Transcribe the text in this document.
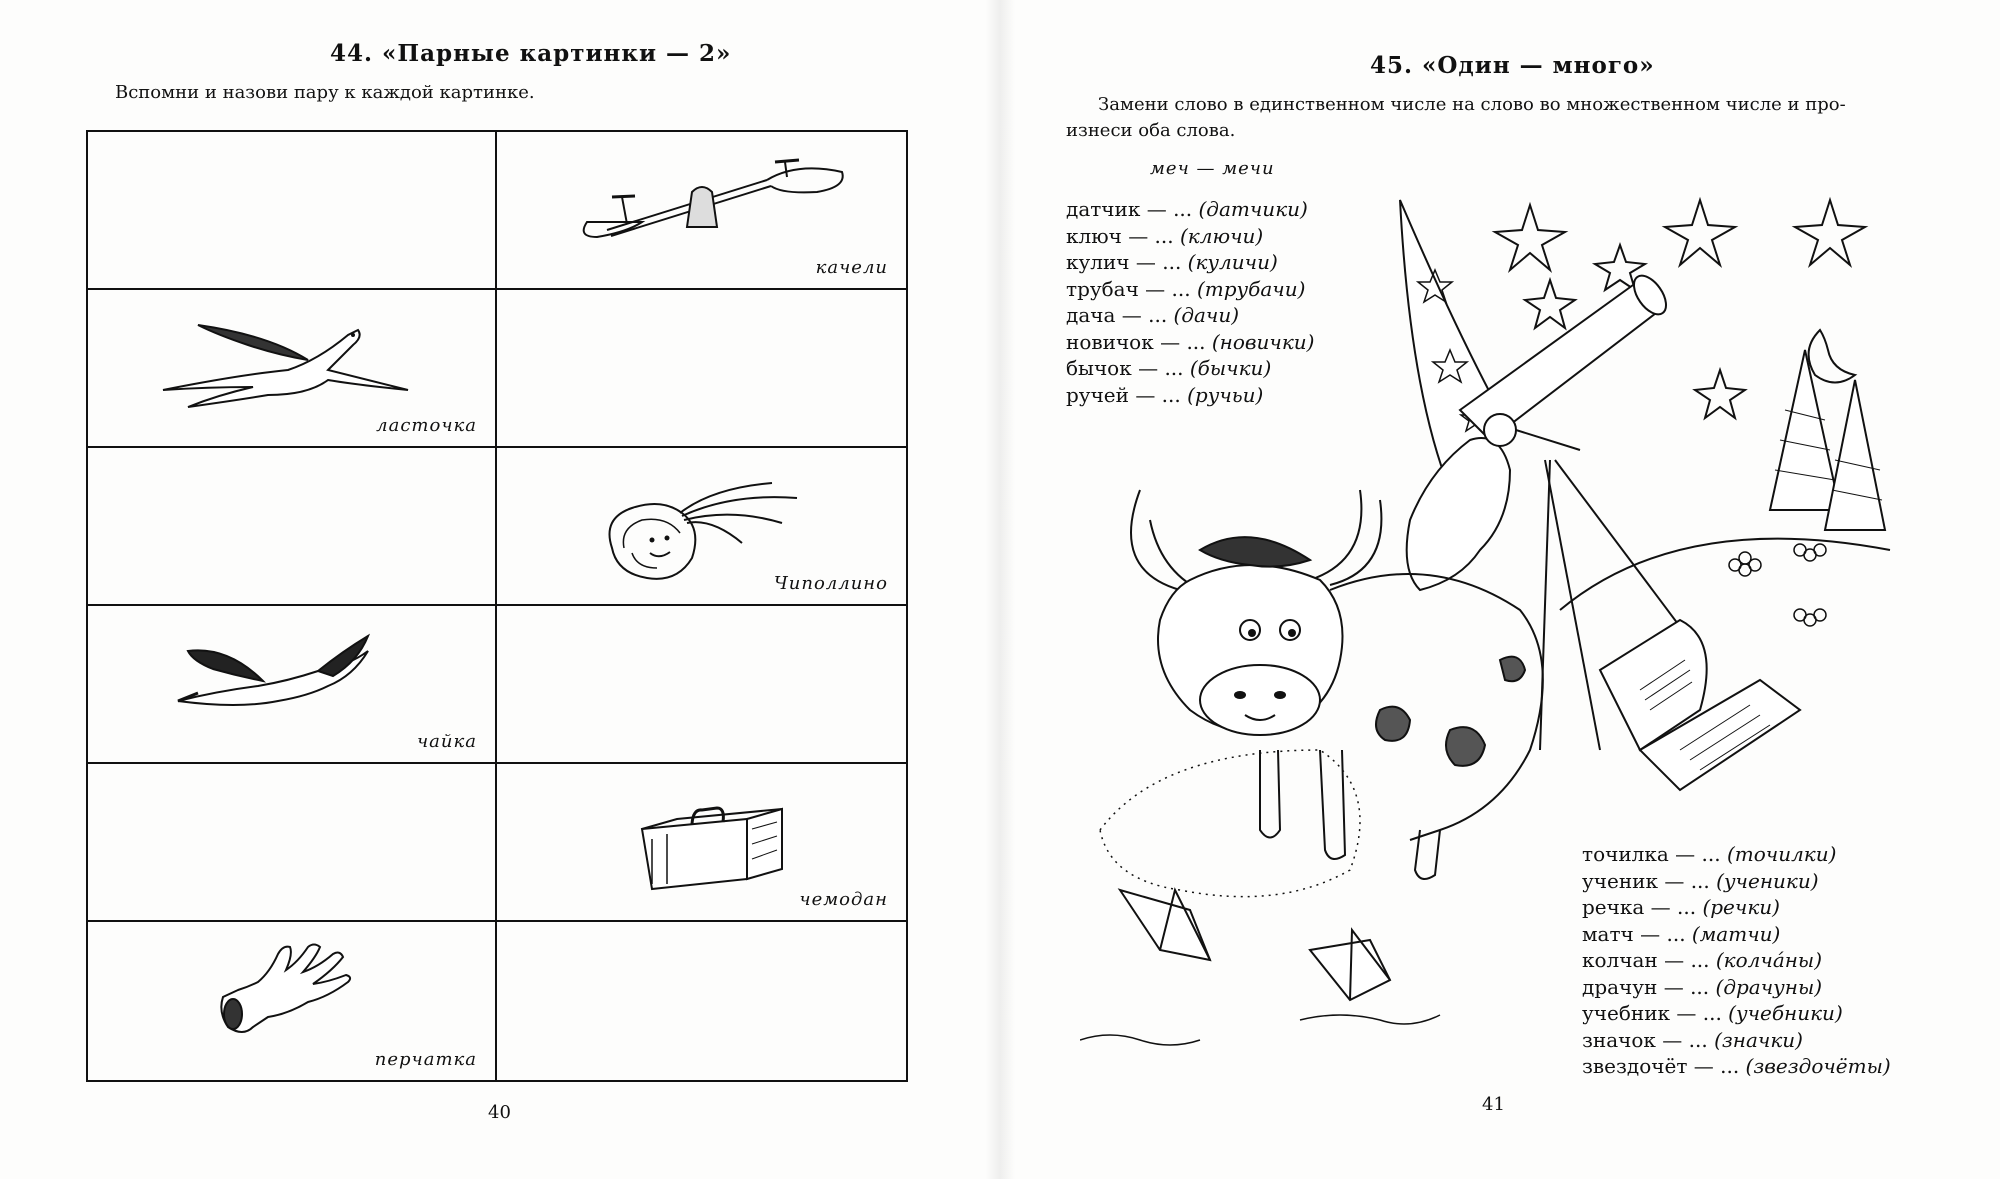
44. «Парные картинки — 2»
Вспомни и назови пару к каждой картинке.
качели
ласточка
Чиполлино
чайка
чемодан
перчатка
40
45. «Один — много»
Замени слово в единственном числе на слово во множественном числе и про-
изнеси оба слова.
меч — мечи
датчик — ... (датчики)
ключ — ... (ключи)
кулич — ... (куличи)
трубач — ... (трубачи)
дача — ... (дачи)
новичок — ... (новички)
бычок — ... (бычки)
ручей — ... (ручьи)
точилка — ... (точилки)
ученик — ... (ученики)
речка — ... (речки)
матч — ... (матчи)
колчан — ... (колча́ны)
драчун — ... (драчуны)
учебник — ... (учебники)
значок — ... (значки)
звездочёт — ... (звездочёты)
41
